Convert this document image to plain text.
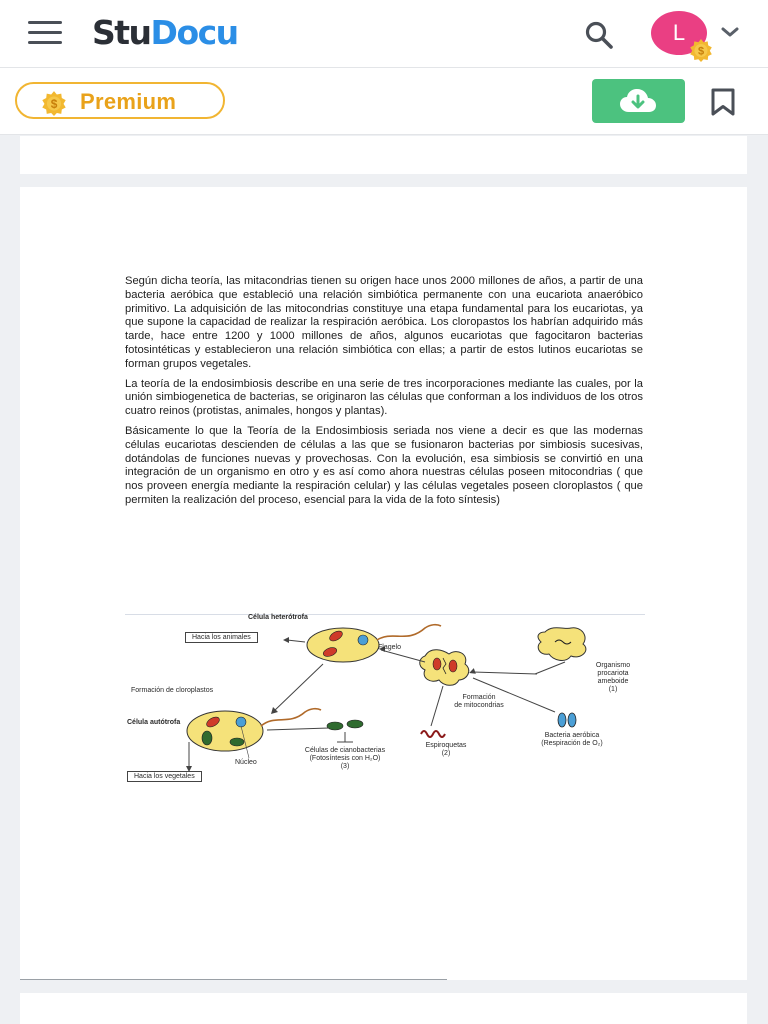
StuDocu	L
$
$ Premium

Según dicha teoría, las mitacondrias tienen su origen hace unos 2000 millones de años, a partir de una bacteria aeróbica que estableció una relación simbiótica permanente con una eucariota anaeróbico primitivo. La adquisición de las mitocondrias constituye una etapa fundamental para los eucariotas, ya que supone la capacidad de realizar la respiración aeróbica. Los cloropastos los habrían adquirido más tarde, hace entre 1200 y 1000 millones de años, algunos eucariotas que fagocitaron bacterias fotosintéticas y establecieron una relación simbiótica con ellas; a partir de estos lutinos eucariotas se forman grupos vegetales.

La teoría de la endosimbiosis describe en una serie de tres incorporaciones mediante las cuales, por la unión simbiogenetica de bacterias, se originaron las células que conforman a los individuos de los otros cuatro reinos (protistas, animales, hongos y plantas).

Básicamente lo que la Teoría de la Endosimbiosis seriada nos viene a decir es que las modernas células eucariotas descienden de células a las que se fusionaron bacterias por simbiosis sucesivas, dotándolas de funciones nuevas y provechosas. Con la evolución, esa simbiosis se convirtió en una integración de un organismo en otro y es así como ahora nuestras células poseen mitocondrias ( que nos proveen energía mediante la respiración celular) y las células vegetales poseen cloroplastos ( que permiten la realización del proceso, esencial para la vida de la foto síntesis)

Célula heterótrofa
Hacia los animales
Flagelo
Formación de cloroplastos
Célula autótrofa
Hacia los vegetales
Núcleo
Células de cianobacterias
(Fotosíntesis con H₂O)
(3)
Espiroquetas
(2)
Formación
de mitocondrias
Bacteria aeróbica
(Respiración de O₂)
Organismo
procariota
ameboide
(1)
